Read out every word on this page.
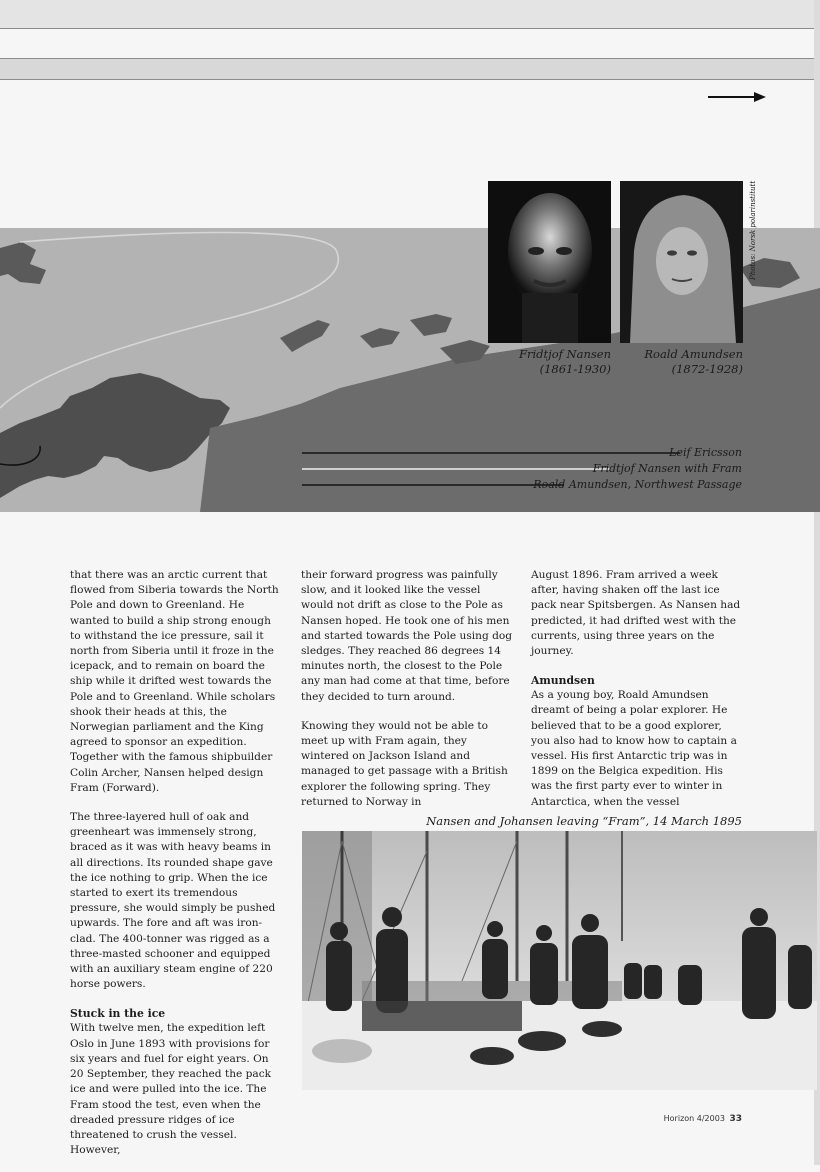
Photos: Norsk polarinstitutt
Fridtjof Nansen
(1861-1930)
Roald Amundsen
(1872-1928)
Leif Ericsson
Fridtjof Nansen with Fram
Roald Amundsen, Northwest Passage

that there was an arctic current that flowed from Siberia towards the North Pole and down to Greenland. He wanted to build a ship strong enough to withstand the ice pressure, sail it north from Siberia until it froze in the icepack, and to remain on board the ship while it drifted west towards the Pole and to Greenland. While scholars shook their heads at this, the Norwegian parliament and the King agreed to sponsor an expedition. Together with the famous shipbuilder Colin Archer, Nansen helped design Fram (Forward).

The three-layered hull of oak and greenheart was immensely strong, braced as it was with heavy beams in all directions. Its rounded shape gave the ice nothing to grip. When the ice started to exert its tremendous pressure, she would simply be pushed upwards. The fore and aft was iron-clad. The 400-tonner was rigged as a three-masted schooner and equipped with an auxiliary steam engine of 220 horse powers.

Stuck in the ice

With twelve men, the expedition left Oslo in June 1893 with provisions for six years and fuel for eight years. On 20 September, they reached the pack ice and were pulled into the ice. The Fram stood the test, even when the dreaded pressure ridges of ice threatened to crush the vessel. However,

their forward progress was painfully slow, and it looked like the vessel would not drift as close to the Pole as Nansen hoped. He took one of his men and started towards the Pole using dog sledges. They reached 86 degrees 14 minutes north, the closest to the Pole any man had come at that time, before they decided to turn around.

Knowing they would not be able to meet up with Fram again, they wintered on Jackson Island and managed to get passage with a British explorer the following spring. They returned to Norway in

August 1896. Fram arrived a week after, having shaken off the last ice pack near Spitsbergen. As Nansen had predicted, it had drifted west with the currents, using three years on the journey.

Amundsen

As a young boy, Roald Amundsen dreamt of being a polar explorer. He believed that to be a good explorer, you also had to know how to captain a vessel. His first Antarctic trip was in 1899 on the Belgica expedition. His was the first party ever to winter in Antarctica, when the vessel

Nansen and Johansen leaving “Fram”, 14 March 1895
Horizon 4/2003 33
